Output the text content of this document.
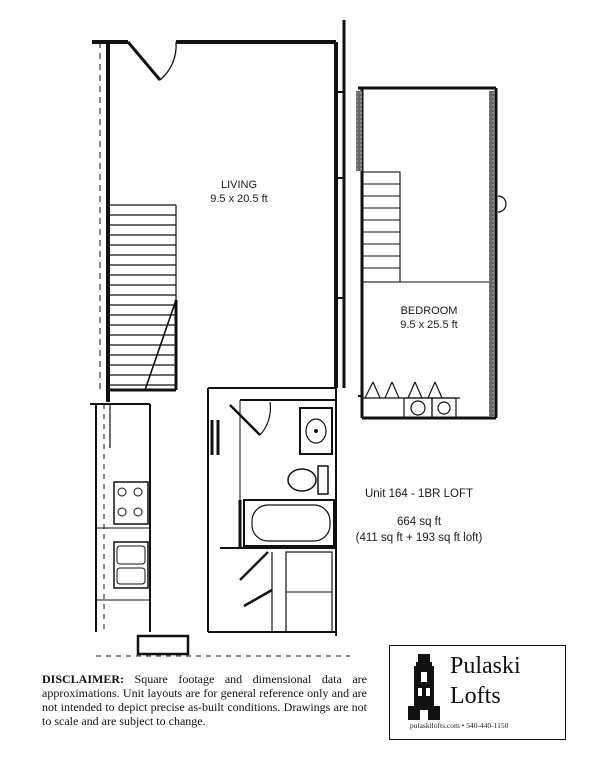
LIVING
9.5 x 20.5 ft
BEDROOM
9.5 x 25.5 ft
Unit 164 - 1BR LOFT
664 sq ft
(411 sq ft + 193 sq ft loft)
DISCLAIMER: Square footage and dimensional data are approximations. Unit layouts are for general reference only and are not intended to depict precise as-built conditions. Drawings are not to scale and are subject to change.
Pulaski
Lofts
pulaskilofts.com • 540-440-1150
